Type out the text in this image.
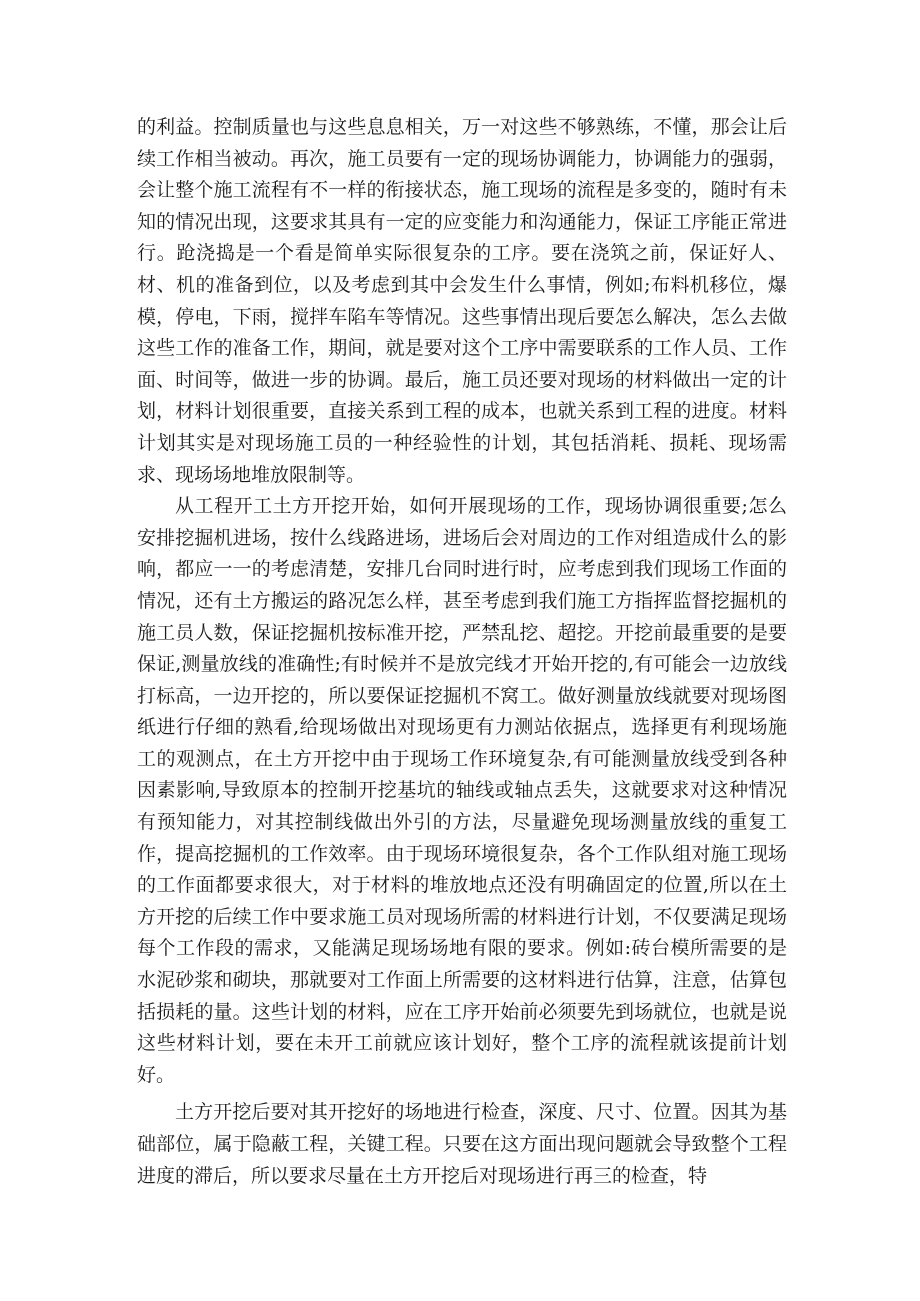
的利益。控制质量也与这些息息相关，万一对这些不够熟练，不懂，那会让后续工作相当被动。再次，施工员要有一定的现场协调能力，协调能力的强弱，会让整个施工流程有不一样的衔接状态，施工现场的流程是多变的，随时有未知的情况出现，这要求其具有一定的应变能力和沟通能力，保证工序能正常进行。跄浇捣是一个看是简单实际很复杂的工序。要在浇筑之前，保证好人、材、机的准备到位，以及考虑到其中会发生什么事情，例如;布料机移位，爆模，停电，下雨，搅拌车陷车等情况。这些事情出现后要怎么解决，怎么去做这些工作的准备工作，期间，就是要对这个工序中需要联系的工作人员、工作面、时间等，做进一步的协调。最后，施工员还要对现场的材料做出一定的计划，材料计划很重要，直接关系到工程的成本，也就关系到工程的进度。材料计划其实是对现场施工员的一种经验性的计划，其包括消耗、损耗、现场需求、现场场地堆放限制等。

从工程开工土方开挖开始，如何开展现场的工作，现场协调很重要;怎么安排挖掘机进场，按什么线路进场，进场后会对周边的工作对组造成什么的影响，都应一一的考虑清楚，安排几台同时进行时，应考虑到我们现场工作面的情况，还有土方搬运的路况怎么样，甚至考虑到我们施工方指挥监督挖掘机的施工员人数，保证挖掘机按标准开挖，严禁乱挖、超挖。开挖前最重要的是要保证,测量放线的准确性;有时候并不是放完线才开始开挖的,有可能会一边放线打标高，一边开挖的，所以要保证挖掘机不窝工。做好测量放线就要对现场图纸进行仔细的熟看,给现场做出对现场更有力测站依据点，选择更有利现场施工的观测点，在土方开挖中由于现场工作环境复杂,有可能测量放线受到各种因素影响,导致原本的控制开挖基坑的轴线或轴点丢失，这就要求对这种情况有预知能力，对其控制线做出外引的方法，尽量避免现场测量放线的重复工作，提高挖掘机的工作效率。由于现场环境很复杂，各个工作队组对施工现场的工作面都要求很大，对于材料的堆放地点还没有明确固定的位置,所以在土方开挖的后续工作中要求施工员对现场所需的材料进行计划，不仅要满足现场每个工作段的需求，又能满足现场场地有限的要求。例如:砖台模所需要的是水泥砂浆和砌块，那就要对工作面上所需要的这材料进行估算，注意，估算包括损耗的量。这些计划的材料，应在工序开始前必须要先到场就位，也就是说这些材料计划，要在未开工前就应该计划好，整个工序的流程就该提前计划好。

土方开挖后要对其开挖好的场地进行检查，深度、尺寸、位置。因其为基础部位，属于隐蔽工程，关键工程。只要在这方面出现问题就会导致整个工程进度的滞后，所以要求尽量在土方开挖后对现场进行再三的检查，特
